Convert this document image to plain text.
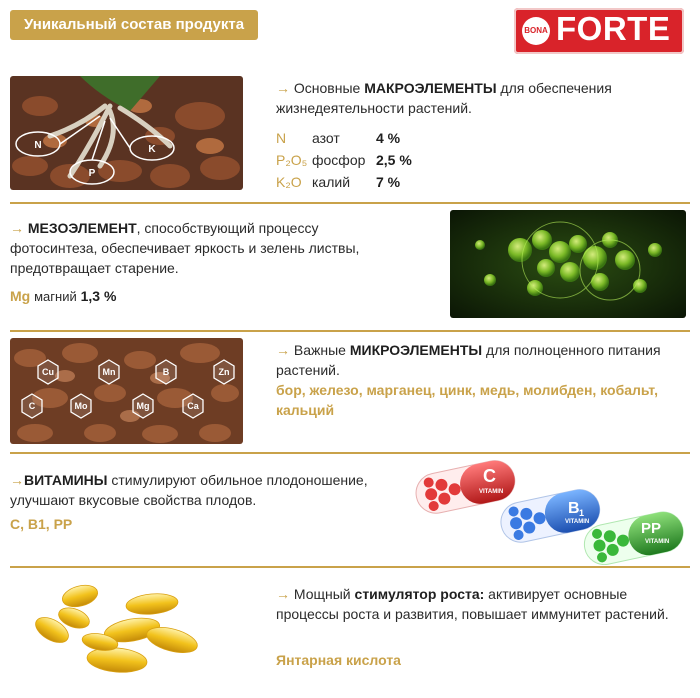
Уникальный состав продукта	BONA FORTE
N
P
K
→ Основные МАКРОЭЛЕМЕНТЫ для обеспечения жизнедеятельности растений.
N азот	4 %
P₂O₅ фосфор 2,5 %
K₂O калий 7 %
→ МЕЗОЭЛЕМЕНТ, способствующий процессу фотосинтеза, обеспечивает яркость и зелень листвы, предотвращает старение.
Mg магний 1,3 %
Cu	Mn	B	Zn
C	Mo	Mg	Ca
→ Важные МИКРОЭЛЕМЕНТЫ для полноценного питания растений.
бор, железо, марганец, цинк, медь, молибден, кобальт, кальций
→ВИТАМИНЫ стимулируют обильное плодоношение, улучшают вкусовые свойства плодов.
С, В1, РР
C
VITAMIN
B 1
VITAMIN	PP
VITAMIN
→ Мощный стимулятор роста: активирует основные процессы роста и развития, повышает иммунитет растений.
Янтарная кислота
